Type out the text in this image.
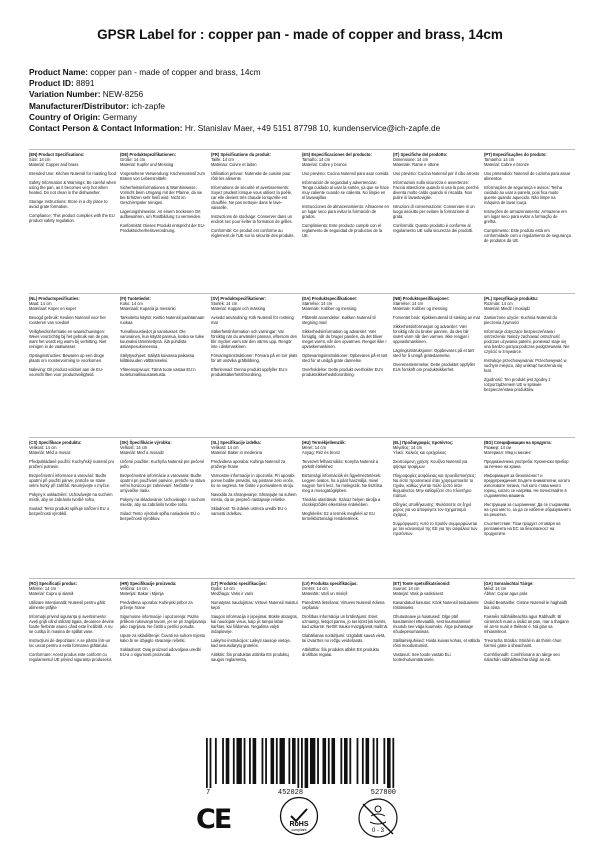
GPSR Label for : copper pan - made of copper and brass, 14cm
Product Name: copper pan - made of copper and brass, 14cm
Product ID: 8891
Variation Number: NEW-8256
Manufacturer/Distributor: ich-zapfe
Country of Origin: Germany
Contact Person & Contact Information: Hr. Stanislav Maer, +49 5151 87798 10, kundenservice@ich-zapfe.de
(EN) Product Specifications:

Size: 14 cm
Material: Copper and brass

Intended Use: Kitchen Nutensil for roasting food

Safety Information & Warnings: Be careful when using the pan, as it becomes very hot when heated. Do not clean in the dishwasher.

Storage Instructions: Store in a dry place to avoid grate formation.

Compliance: This product complies with the EU product safety regulation.

(DE) Produktspezifikationen:

Größe: 14 cm
Material: Kupfer und Messing

Vorgesehene Verwendung: Küchenutensil zum Braten von Lebensmitteln

Sicherheitsinformationen & Warnhinweise: Vorsicht beim Umgang mit der Pfanne, da sie bei Erhitzen sehr heiß wird. Nicht im Geschirrspüler reinigen.

Lagerungshinweise: An einem trockenen Ort aufbewahren, um Rostbildung zu vermeiden.

Konformität: Dieses Produkt entspricht der EU-Produktsicherheitsverordnung.

(FR) Spécifications du produit:

Taille: 14 cm
Matériau: Cuivre et laiton

Utilisation prévue: Nutensile de cuisine pour rôtir les aliments

Informations de sécurité et avertissements: Soyez prudent lorsque vous utilisez la poêle, car elle devient très chaude lorsqu'elle est chauffée. Ne pas nettoyer dans le lave-vaisselle.

Instructions de stockage: Conserver dans un endroit sec pour éviter la formation de grilles.

Conformité: Ce produit est conforme au règlement de l'UE sur la sécurité des produits.

(ES) Especificaciones del producto:

Tamaño: 14 cm
Material: Cobre y bronce

Uso previsto: Cocina Nutensil para asar comida

Información de seguridad y advertencias: Tenga cuidado al usar la sartén, ya que se hace muy caliente cuando se calienta. No limpie en el lavavajillas.

Instrucciones de almacenamiento: Almacene en un lugar seco para evitar la formación de grados.

Cumplimiento: Este producto cumple con el reglamento de seguridad de productos de la UE.

(IT) Specifiche del prodotto:

Dimensione: 14 cm
Materiale: Rame e ottone

Uso previsto: Cucina Nutensil per il cibo arrosto

Informazioni sulla sicurezza e avvertenze: Faccia attenzione quando si usa la pan, perché diventa molto caldo quando si riscalda. Non pulire in lavastoviglie.

Istruzioni di conservazione: Conservare in un luogo asciutto per evitare la formazione di grata.

Conformità: Questo prodotto è conforme al regolamento UE sulla sicurezza dei prodotti.

(PT) Especificações do produto:

Tamanho: 14 cm
Material: Cobre e bronze

Uso pretendido: Nutensil de cozinha para assar alimentos

Informações de segurança e avisos: Tenha cuidado ao usar a panela, pois fica muito quente quando aquecido. Não limpe na máquina de lavar louça.

Instruções de armazenamento: Armazene em um lugar seco para evitar a formação de grelha.

Cumprimento: Este produto está em conformidade com o regulamento de segurança de produtos da UE.

(NL) Productspecificaties:

Maat: 14 cm
Materiaal: Koper en koper

Beoogd gebruik: Keuken Nutensil voor het roosteren van voedsel

Veiligheidsinformatie en waarschuwingen: Wees voorzichtig bij het gebruik van de pan, want het wordt erg warm bij verhitting. Niet reinigen in de vaatwasser.

Opslaginstructies: Bewaren op een droge plaats om roostervorming te voorkomen.

Naleving: Dit product voldoet aan de EU-voorschriften voor productveiligheid.

(FI) Tuotetiedot:

Koko: 14 cm
Materiaali: Kuparia ja messinki

Tarkoitettu käyttö: Keittiö Nutensil paahtamaan ruokaa

Turvallisuustiedot ja varoitukset: Ole varovainen, kun käytät pannua, koska se tulee kuumaksi lämmitettynä. Älä puhdista astianpesukoneessa.

Säilytysohjeet: Säilytä kuivassa paikassa kiiltäisuuden välttämiseksi.

Yhteensopivuus: Tämä tuote vastaa EU:n tuoteturvallisuusasetusta.

(SV) Produktspecifikationer:

Storlek: 14 cm
Material: Koppar och mässing

Avsedd användning: Kök Nutensil för rostning mat

Säkerhetsinformation och varningar: Var försiktig när du använder pannan, eftersom den blir mycket varm när den värms upp. Rengör inte i diskmaskinen.

Förvaringsinstruktioner: Förvara på en torr plats för att undvika grälbildning.

Efterlevnad: Denna produkt uppfyller EU:s produktsäkerhetsförordning.

(DA) Produktspecifikationer:

Størrelse: 14 cm
Materiale: Kobber og messing

Påtænkt anvendelse: Køkken Nutensil til stegning mad

Sikkerhedsinformation og advarsler: Vær forsigtig, når du bruger panden, da det bliver meget varmt, når den opvarmes. Rengør ikke i opvaskemaskinen.

Opbevaringsinstruktioner: Opbevares på et tørt sted for at undgå grate dannelse.

Overholdelse: Dette produkt overholder EU's produktsikkerhedsforordning.

(NB) Produktspesifikasjoner:

Størrelse: 14 cm
Materiale: Kobber og messing

Forventet bruk: Kjøkkenutensil til steking av mat

Sikkerhetsinformasjon og advarsler: Vær forsiktig når du bruker pannen, da den blir svært varm når den varmes. Ikke rengjør i oppvaskmaskinen.

Lagringsinstruksjoner: Oppbevares på et tørt sted for å unngå gratedannelse.

Overensstemmelse: Dette produktet oppfyller EUs forskrift om produktsikkerhet.

(PL) Specyfikacje produktu:

Rozmiar: 14 cm
Materiał: Miedź i mosiądz

Zamierzone użycie: Kuchnia Nutensil do pieczenia żywności

Informacje dotyczące bezpieczeństwa i ostrzeżenia: Należy zachować ostrożność podczas używania patelni, ponieważ staje się ona bardzo gorąca podczas podgrzewania. Nie czyścić w zmywarce.

Instrukcje przechowywania: Przechowywać w suchym miejscu, aby uniknąć tworzenia się krat.

Zgodność: Ten produkt jest zgodny z rozporządzeniem UE w sprawie bezpieczeństwa produktów.

(CS) Specifikace produktu:

Velikost: 14 cm
Materiál: Měď a mosaz

Předpokládané použití: Kuchyňský nutensil pro pražení potravin

Bezpečnostní informace a varování: Buďte opatrní při použití pánve, protože se stane velmi horký při zahřátí. Neumývejte v myčce.

Pokyny k uskladnění: Uchovávejte na suchém místě, aby se zabránilo tvorbě roštu.

Soulad: Tento produkt splňuje nařízení EU o bezpečnosti výrobků.

(SK) Špecifikácie výrobku:

Veľkosť: 14 cm
Materiál: Meď a mosadz

Určené použitie: Kuchyňa Nutensil pre pečené jedlo

Bezpečnostné informácie a varovania: Buďte opatrní pri používaní panvice, pretože sa stáva veľmi horúcou pri zahrievaní. Nečistite v umývačke riadu.

Pokyny na skladovanie: Uchovávajte v suchom mieste, aby sa zabránilo tvorbe roštu.

Súlad: Tento výrobok spĺňa nariadenie EÚ o bezpečnosti výrobkov.

(SL) Specifikacije izdelka:

Velikost: 14 cm
Material: Baker in medenina

Predvidena uporaba: Kuhinja Nutensil za praženje hrane

Varnostne informacije in opozorila: Pri uporabi ponve bodite previdni, saj postane zelo vroče, ko se segreva. Ne čistite v pomivalnem stroju.

Navodila za shranjevanje: Shranjujte na suhem mestu, da se prepreči nastajanje rešetke.

Skladnost: Ta izdelek ustreza uredbi EU o varnosti izdelkov.

(HU) Termékjellemzők:

Méret: 14 cm
Anyag: Réz és bronz

Tervezett felhasználás: Konyha Nutensil a pörkölt ételekhez

Biztonsági információk és figyelmeztetések: Legyen óvatos, ha a pánt használja, mivel nagyon forró lesz, ha melegszik. Ne tisztítsa meg a mosogatógépben.

Tárolási utasítások: Száraz helyen tárolja a rácsképződés elkerülése érdekében.

Megfelelés: Ez a termék megfelel az EU termékbiztonsági rendeletének.

(EL) Προδιαγραφές προϊόντος:

Μέγεθος: 14 cm
Υλικό: Χαλκός και ορείχαλκος

Σκοπούμενη χρήση: Κουζίνα Nutensil για ψήσιμο τροφίμων

Πληροφορίες ασφάλειας και προειδοποιήσεις: Να είστε προσεκτικοί όταν χρησιμοποιείτε το τηγάνι, καθώς γίνεται πολύ ζεστό όταν θερμαίνεται. Μην καθαρίζετε στο πλυντήριο πιάτων.

Οδηγίες αποθήκευσης: Φυλάσσετε σε ξηρό μέρος για να αποφύγετε τον σχηματισμό σχάρας.

Συμμόρφωση: Αυτό το προϊόν συμμορφώνεται με τον κανονισμό της ΕΕ για την ασφάλεια των προϊόντων.

(BG) Спецификации на продукта:

Размер: 14 см
Материал: Мед и месинг

Предназначена употреба: Кухненски прибор за печене на храна

Информация за безопасност и предупреждения: Бъдете внимателни, когато използвате тигана, тъй като става много горещ, когато се нагрява. Не почиствайте в съдомиялна машина.

Инструкции за съхранение: Да се съхранява на сухо място, за да се избегне образуването на решетка.

Съответствие: Този продукт отговаря на регламента на ЕС за безопасност на продуктите.

(RO) Specificații produs:

Mărime: 14 cm
Material: Cupru și alamă

Utilizare intenționată: Nutensil pentru gătit alimente prăjite

Informații privind siguranța și avertismente: Aveți grijă când utilizați tigaia, deoarece devine foarte fierbinte atunci când este încălzită. A nu se curăța în mașina de spălat vase.

Instrucțiuni de depozitare: A se păstra într-un loc uscat pentru a evita formarea grătarului.

Conformare: Acest produs este conform cu regulamentul UE privind siguranța produselor.

(HR) Specifikacije proizvoda:

Veličina: 14 cm
Materijal: Bakar i Mjenja

Predviđena uporaba: Kuhinjski pribor za prženje hrane

Sigurnosne informacije i upozorenja: Pazite prilikom rukovanja tavom, jer se pri zagrijavanju jako zagrijava. Ne čistiti u perilici posuđa.

Upute za skladištenje: Čuvati na suhom mjestu kako bi se izbjeglo stvaranje rešetki.

Sukladnost: Ovaj proizvod udovoljava uredbi EU-a o sigurnosti proizvoda.

(LT) Produkto specifikacijos:

Dydis: 14 cm
Medžiaga: Varis ir varis

Numatytas naudojimas: Virtuvė Nutensil maistui kepti

Saugos informacija ir įspėjimai: Būkite atsargūs, kai naudojate visus, kaip jis tampa labai karštas, kai šildomas. Negalima valyti indaplovėje.

Laikymo instrukcijos: Laikyti sausoje vietoje, kad nesusidarytų grotelės.

Atitiktis: Šis produktas atitinka ES produktų saugos reglamentą.

(LV) Produkta specifikācijas:

Izmērs: 14 cm
Materiāls: Varš un misiņš

Paredzētā lietošana: Virtuves Nutensil ēdiena cepšanai

Drošības informācija un brīdinājumi: Esiet uzmanīgi, lietojot pannu, jo tas kļūst ļoti karsts, kad uzkarsē. Netīrīt trauku mazgājamā mašīnā.

Glabāšanas norādījumi: Uzglabāt sausā vietā, lai izvairītos no režģu veidošanās.

Atbilstība: Šis produkts atbilst ES produktu drošības regulai.

(ET) Toote spetsifikatsioonid:

Suurus: 14 cm
Materjal: Vask ja vasksisest

Kavandatud kasutus: Köök Nutensil toiduainete röstimiseks

Ohutusteave ja hoiatused: Olge pärl kasutamisel ettevaatlik, sest kuumutamisel muutub see väga kuumaks. Ärge puhastage nõudepesumasinas.

Säilitamisjuhised: Hoida kuivas kohas, et vältida rõsti moodustumist.

Vastavus: See toode vastab ELi tooteohutusmäärusele.

(GA) Sonraíochtaí Táirge:

Méid: 14 cm
Ábhar: Copar agus prás

Úsáid Beartaithe: Cistine Nutensil le haghaidh bia rósta

Faisnéis Sábháilteachta agus Rabhadh: Bí cúramach nuair a úsáid an pan, mar a thagann sé an-te nuair a théitear é. Ná glan sa mhiasniteoir.

Treoracha Stórála: Stóráil in áit thirim chun foirmiú grate a sheachaint.

Comhlíonadh: Comhlíonann an táirge seo rialachán sábháilteachta táirgí an AE.

7	452028	527800
CE	RoHS
compliant	0 - 3
